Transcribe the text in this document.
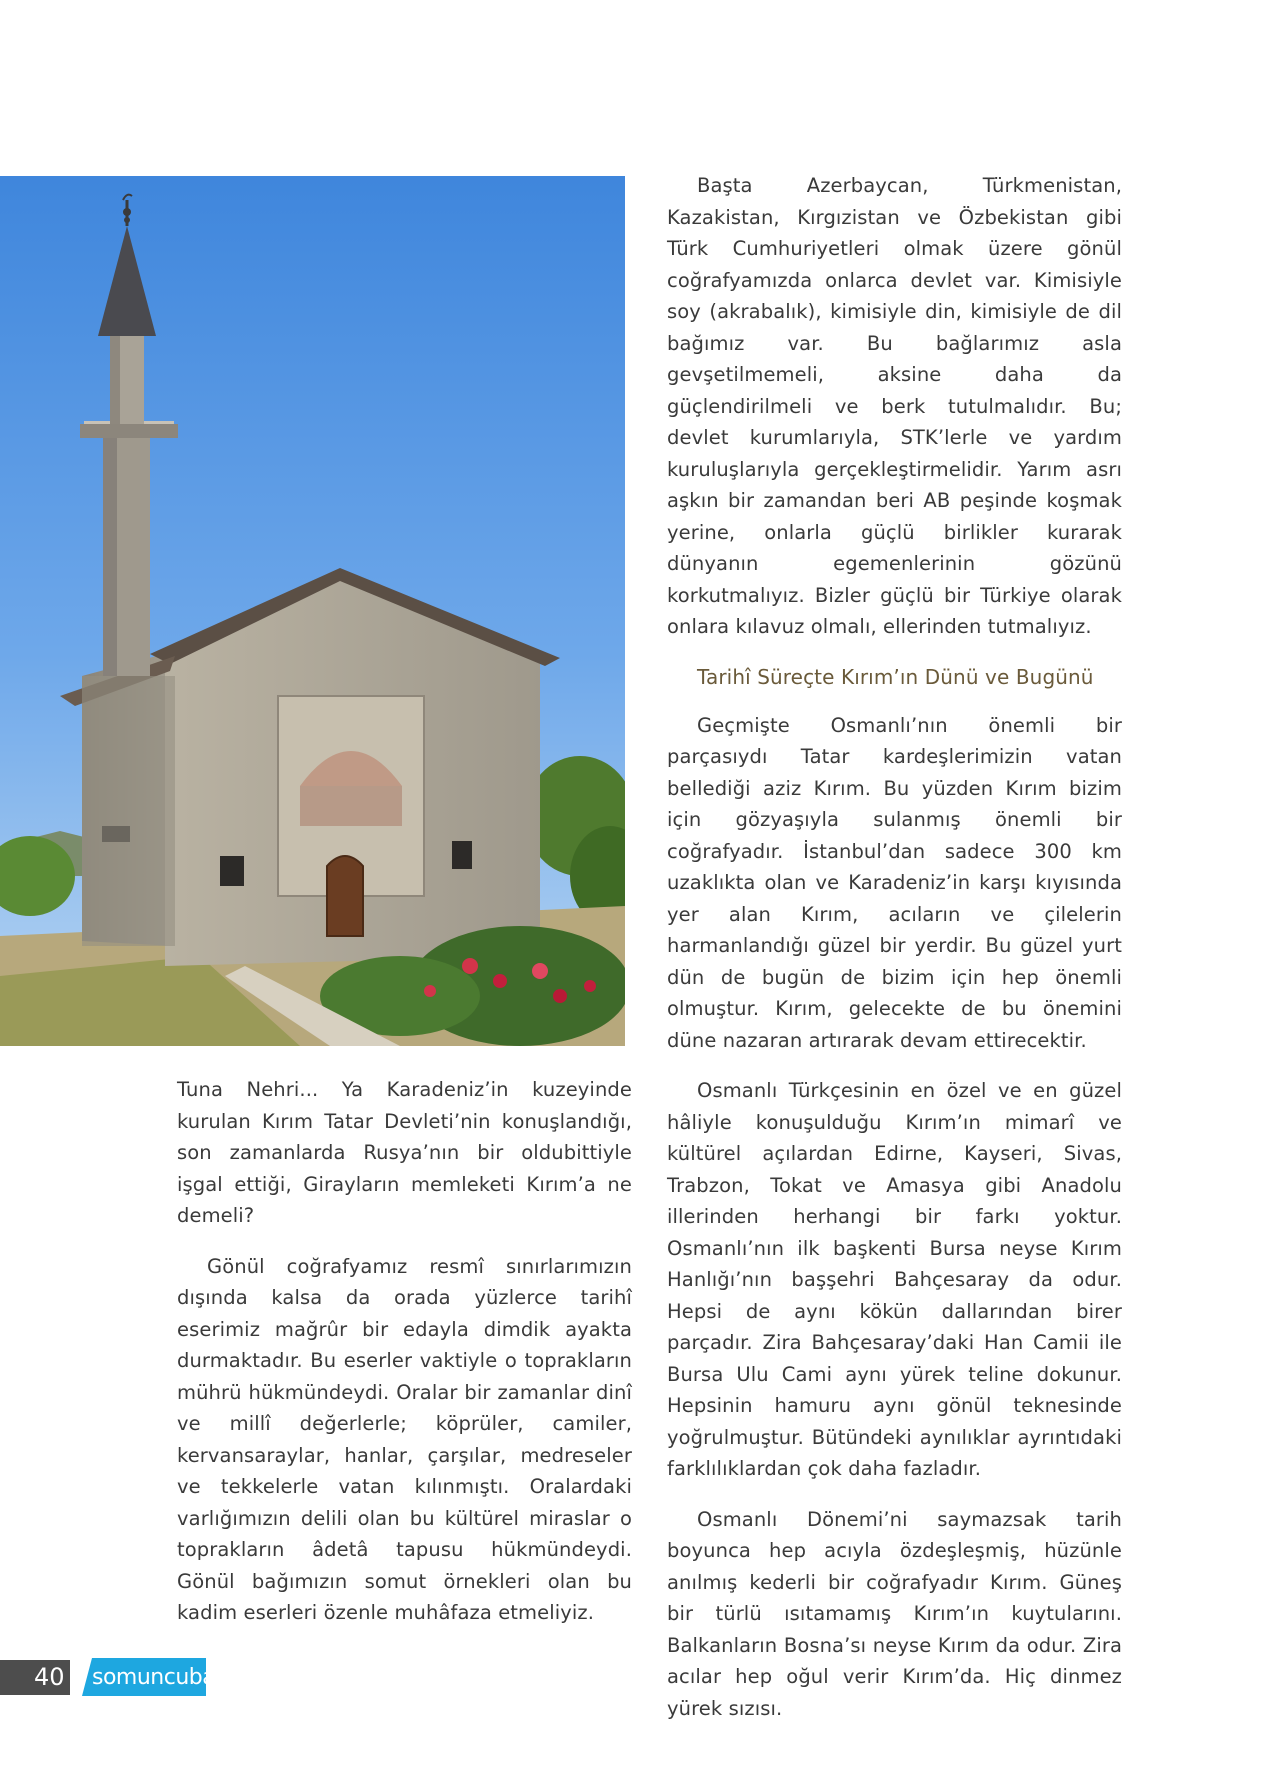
Tuna Nehri... Ya Karadeniz’in kuzeyinde kurulan Kırım Tatar Devleti’nin konuşlandığı, son zamanlarda Rusya’nın bir oldubittiyle işgal ettiği, Girayların memleketi Kırım’a ne demeli?

Gönül coğrafyamız resmî sınırlarımızın dışında kalsa da orada yüzlerce tarihî eserimiz mağrûr bir edayla dimdik ayakta durmaktadır. Bu eserler vaktiyle o toprakların mührü hükmündeydi. Oralar bir zamanlar dinî ve millî değerlerle; köprüler, camiler, kervansaraylar, hanlar, çarşılar, medreseler ve tekkelerle vatan kılınmıştı. Oralardaki varlığımızın delili olan bu kültürel miraslar o toprakların âdetâ tapusu hükmündeydi. Gönül bağımızın somut örnekleri olan bu kadim eserleri özenle muhâfaza etmeliyiz.

Başta Azerbaycan, Türkmenistan, Kazakistan, Kırgızistan ve Özbekistan gibi Türk Cumhuriyetleri olmak üzere gönül coğrafyamızda onlarca devlet var. Kimisiyle soy (akrabalık), kimisiyle din, kimisiyle de dil bağımız var. Bu bağlarımız asla gevşetilmemeli, aksine daha da güçlendirilmeli ve berk tutulmalıdır. Bu; devlet kurumlarıyla, STK’lerle ve yardım kuruluşlarıyla gerçekleştirmelidir. Yarım asrı aşkın bir zamandan beri AB peşinde koşmak yerine, onlarla güçlü birlikler kurarak dünyanın egemenlerinin gözünü korkutmalıyız. Bizler güçlü bir Türkiye olarak onlara kılavuz olmalı, ellerinden tutmalıyız.

Tarihî Süreçte Kırım’ın Dünü ve Bugünü

Geçmişte Osmanlı’nın önemli bir parçasıydı Tatar kardeşlerimizin vatan bellediği aziz Kırım. Bu yüzden Kırım bizim için gözyaşıyla sulanmış önemli bir coğrafyadır. İstanbul’dan sadece 300 km uzaklıkta olan ve Karadeniz’in karşı kıyısında yer alan Kırım, acıların ve çilelerin harmanlandığı güzel bir yerdir. Bu güzel yurt dün de bugün de bizim için hep önemli olmuştur. Kırım, gelecekte de bu önemini düne nazaran artırarak devam ettirecektir.

Osmanlı Türkçesinin en özel ve en güzel hâliyle konuşulduğu Kırım’ın mimarî ve kültürel açılardan Edirne, Kayseri, Sivas, Trabzon, Tokat ve Amasya gibi Anadolu illerinden herhangi bir farkı yoktur. Osmanlı’nın ilk başkenti Bursa neyse Kırım Hanlığı’nın başşehri Bahçesaray da odur. Hepsi de aynı kökün dallarından birer parçadır. Zira Bahçesaray’daki Han Camii ile Bursa Ulu Cami aynı yürek teline dokunur. Hepsinin hamuru aynı gönül teknesinde yoğrulmuştur. Bütündeki aynılıklar ayrıntıdaki farklılıklardan çok daha fazladır.

Osmanlı Dönemi’ni saymazsak tarih boyunca hep acıyla özdeşleşmiş, hüzünle anılmış kederli bir coğrafyadır Kırım. Güneş bir türlü ısıtamamış Kırım’ın kuytularını. Balkanların Bosna’sı neyse Kırım da odur. Zira acılar hep oğul verir Kırım’da. Hiç dinmez yürek sızısı.

40 somuncubaba
